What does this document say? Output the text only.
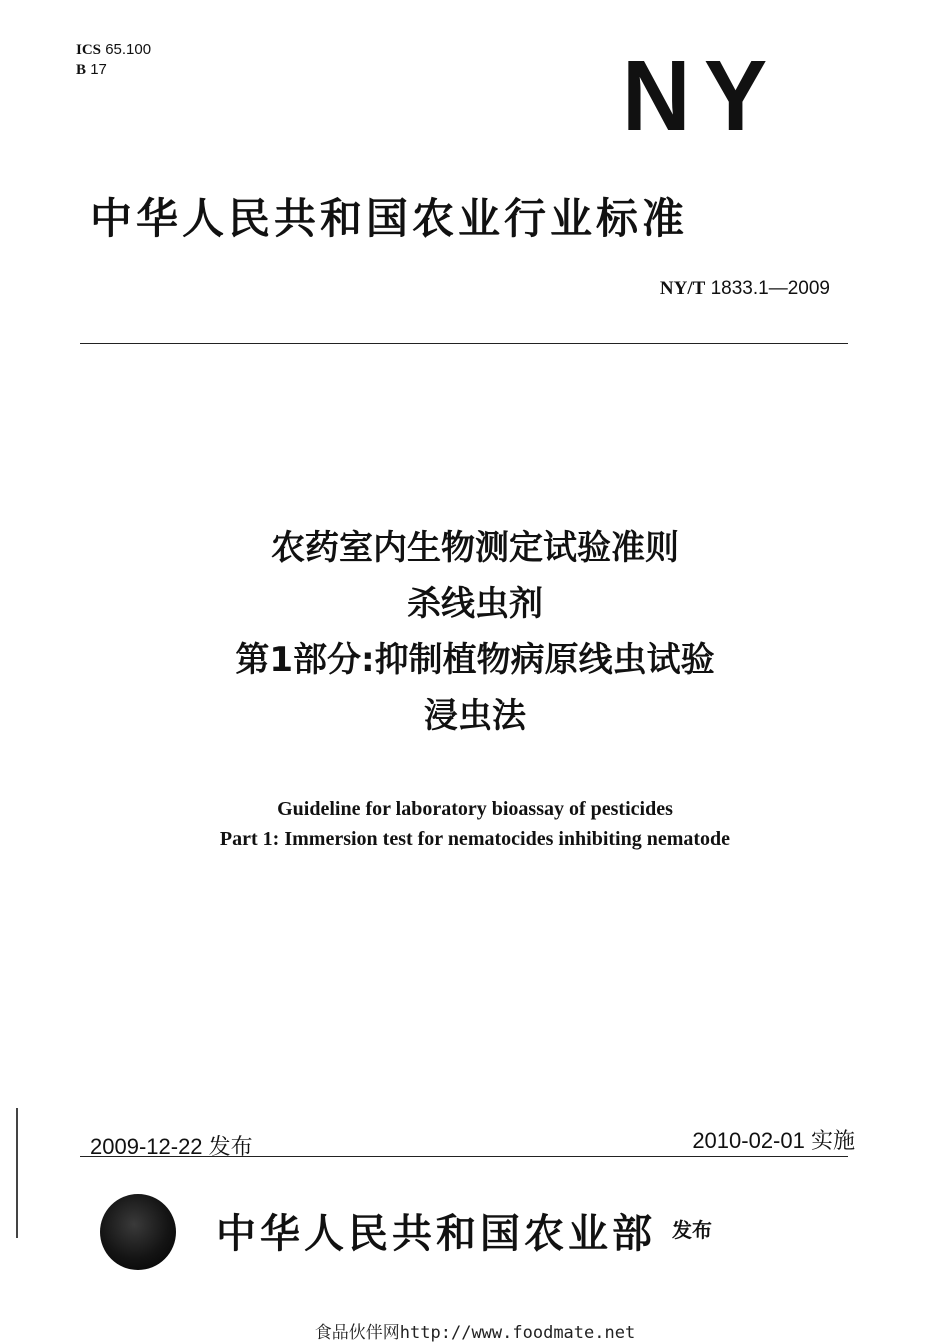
ICS 65.100
B 17	NY
中华人民共和国农业行业标准
NY/T 1833.1—2009
农药室内生物测定试验准则
杀线虫剂
第1部分:抑制植物病原线虫试验
浸虫法
Guideline for laboratory bioassay of pesticides
Part 1: Immersion test for nematocides inhibiting nematode
2009-12-22 发布	2010-02-01 实施
中华人民共和国农业部 发布
食品伙伴网http://www.foodmate.net
